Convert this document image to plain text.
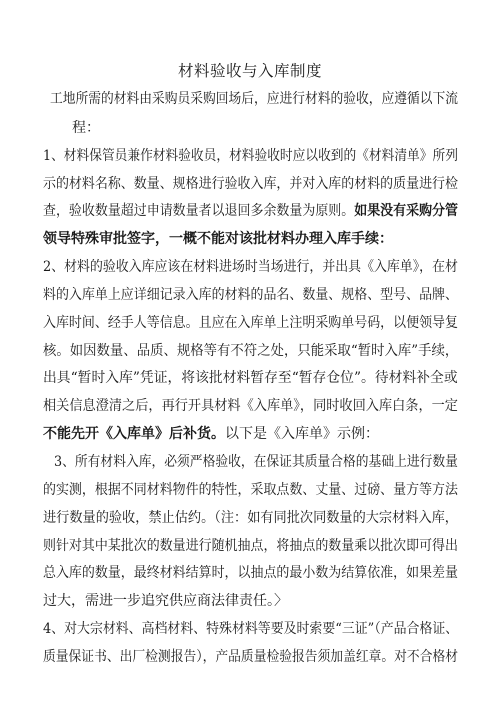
材料验收与入库制度
工地所需的材料由采购员采购回场后，应进行材料的验收，应遵循以下流
程：
1、材料保管员兼作材料验收员，材料验收时应以收到的《材料清单》所列
示的材料名称、数量、规格进行验收入库，并对入库的材料的质量进行检
查，验收数量超过申请数量者以退回多余数量为原则。如果没有采购分管
领导特殊审批签字，一概不能对该批材料办理入库手续：
2、材料的验收入库应该在材料进场时当场进行，并出具《入库单》，在材
料的入库单上应详细记录入库的材料的品名、数量、规格、型号、品牌、
入库时间、经手人等信息。且应在入库单上注明采购单号码，以便领导复
核。如因数量、品质、规格等有不符之处，只能采取“暂时入库”手续，
出具“暂时入库”凭证，将该批材料暂存至“暂存仓位”。待材料补全或
相关信息澄清之后，再行开具材料《入库单》，同时收回入库白条，一定
不能先开《入库单》后补货。以下是《入库单》示例：
3、所有材料入库，必须严格验收，在保证其质量合格的基础上进行数量
的实测，根据不同材料物件的特性，采取点数、丈量、过磅、量方等方法
进行数量的验收，禁止估约。（注：如有同批次同数量的大宗材料入库，
则针对其中某批次的数量进行随机抽点，将抽点的数量乘以批次即可得出
总入库的数量，最终材料结算时，以抽点的最小数为结算依准，如果差量
过大，需进一步追究供应商法律责任。〉
4、对大宗材料、高档材料、特殊材料等要及时索要“三证”（产品合格证、
质量保证书、出厂检测报告），产品质量检验报告须加盖红章。对不合格材
